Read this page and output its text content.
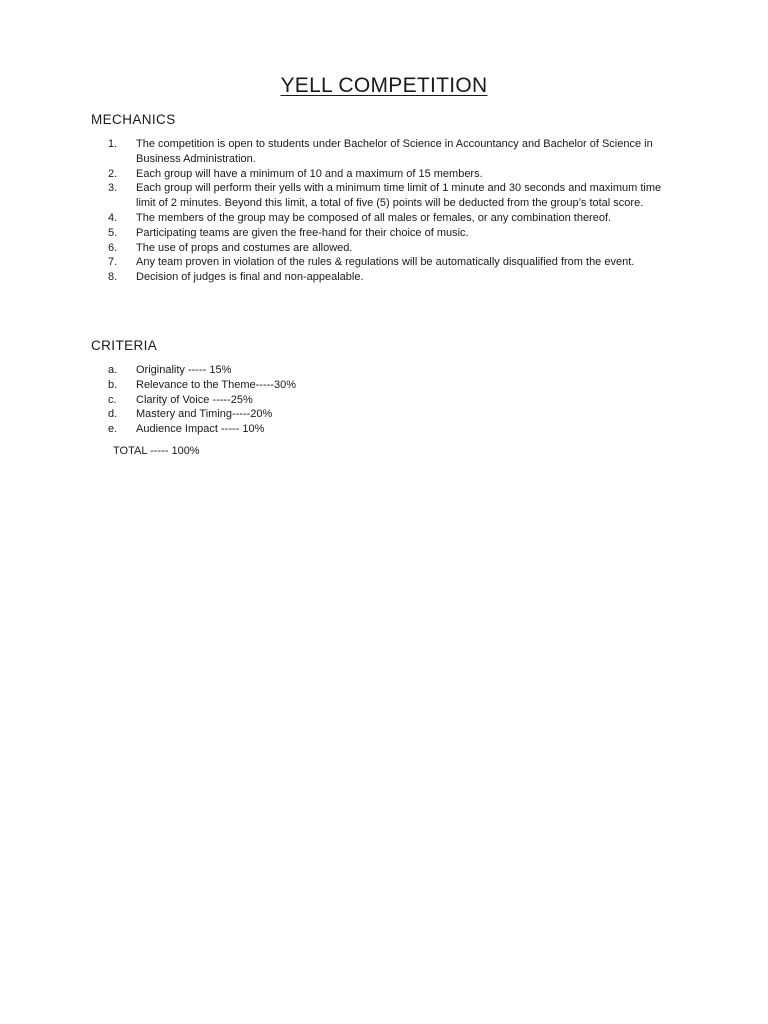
YELL COMPETITION
MECHANICS
1.	The competition is open to students under Bachelor of Science in Accountancy and Bachelor of Science in Business Administration.
2.	Each group will have a minimum of 10 and a maximum of 15 members.
3.	Each group will perform their yells with a minimum time limit of 1 minute and 30 seconds and maximum time limit of 2 minutes. Beyond this limit, a total of five (5) points will be deducted from the group’s total score.
4.	The members of the group may be composed of all males or females, or any combination thereof.
5.	Participating teams are given the free-hand for their choice of music.
6.	The use of props and costumes are allowed.
7.	Any team proven in violation of the rules & regulations will be automatically disqualified from the event.
8.	Decision of judges is final and non-appealable.
CRITERIA
a.	Originality ----- 15%
b.	Relevance to the Theme-----30%
c.	Clarity of Voice -----25%
d.	Mastery and Timing-----20%
e.	Audience Impact ----- 10%
TOTAL ----- 100%
